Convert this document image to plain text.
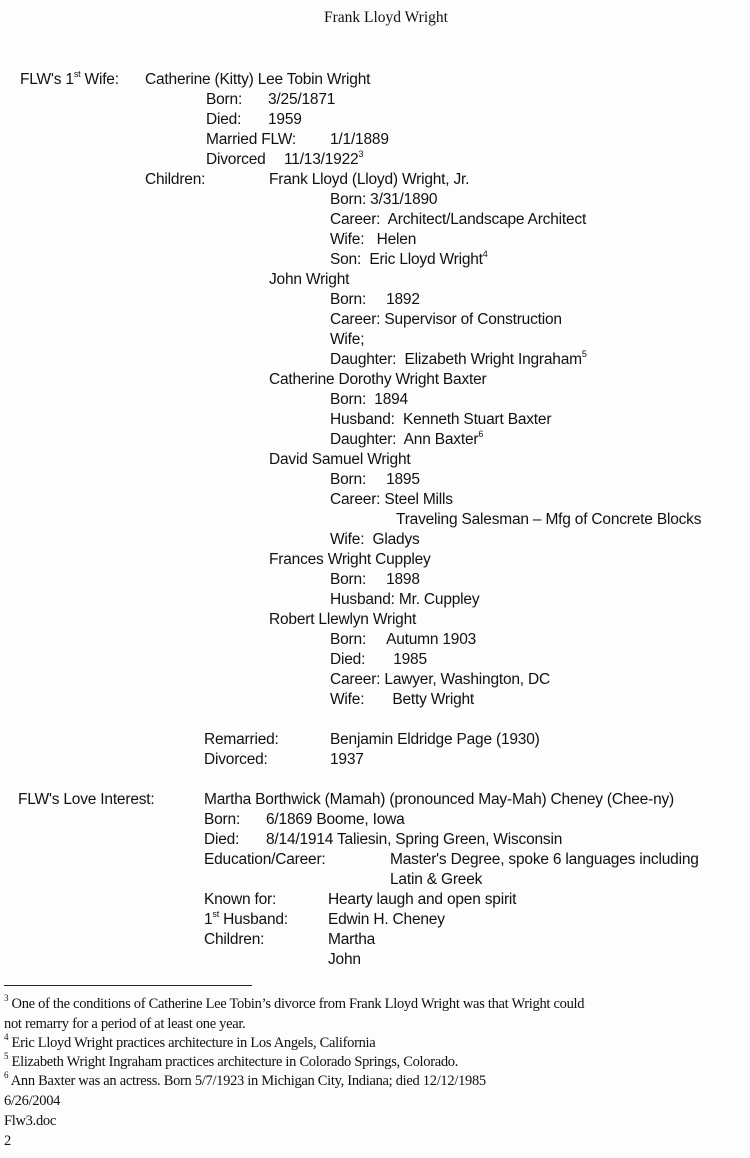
Frank Lloyd Wright
FLW's 1st Wife: Catherine (Kitty) Lee Tobin Wright
Born: 3/25/1871
Died: 1959
Married FLW: 1/1/1889
Divorced 11/13/1922$^3$
Children:	Frank Lloyd (Lloyd) Wright, Jr.
Born: 3/31/1890
Career: Architect/Landscape Architect
Wife: Helen
Son: Eric Lloyd Wright$^4$
John Wright
Born: 1892
Career: Supervisor of Construction
Wife;
Daughter: Elizabeth Wright Ingraham$^5$
Catherine Dorothy Wright Baxter
Born: 1894
Husband: Kenneth Stuart Baxter
Daughter: Ann Baxter$^6$
David Samuel Wright
Born: 1895
Career: Steel Mills
Traveling Salesman – Mfg of Concrete Blocks
Wife: Gladys
Frances Wright Cuppley
Born: 1898
Husband: Mr. Cuppley
Robert Llewlyn Wright
Born: Autumn 1903
Died: 1985
Career: Lawyer, Washington, DC
Wife: Betty Wright
Remarried:	Benjamin Eldridge Page (1930)
Divorced:	1937
FLW's Love Interest:	Martha Borthwick (Mamah) (pronounced May-Mah) Cheney (Chee-ny)
Born: 6/1869 Boome, Iowa
Died: 8/14/1914 Taliesin, Spring Green, Wisconsin
Education/Career:	Master's Degree, spoke 6 languages including
Latin & Greek
Known for:	Hearty laugh and open spirit
1st Husband:	Edwin H. Cheney
Children:	Martha
John
$^3$ One of the conditions of Catherine Lee Tobin’s divorce from Frank Lloyd Wright was that Wright could
not remarry for a period of at least one year.
$^4$ Eric Lloyd Wright practices architecture in Los Angels, California
$^5$ Elizabeth Wright Ingraham practices architecture in Colorado Springs, Colorado.
$^6$ Ann Baxter was an actress. Born 5/7/1923 in Michigan City, Indiana; died 12/12/1985
6/26/2004
Flw3.doc
2
